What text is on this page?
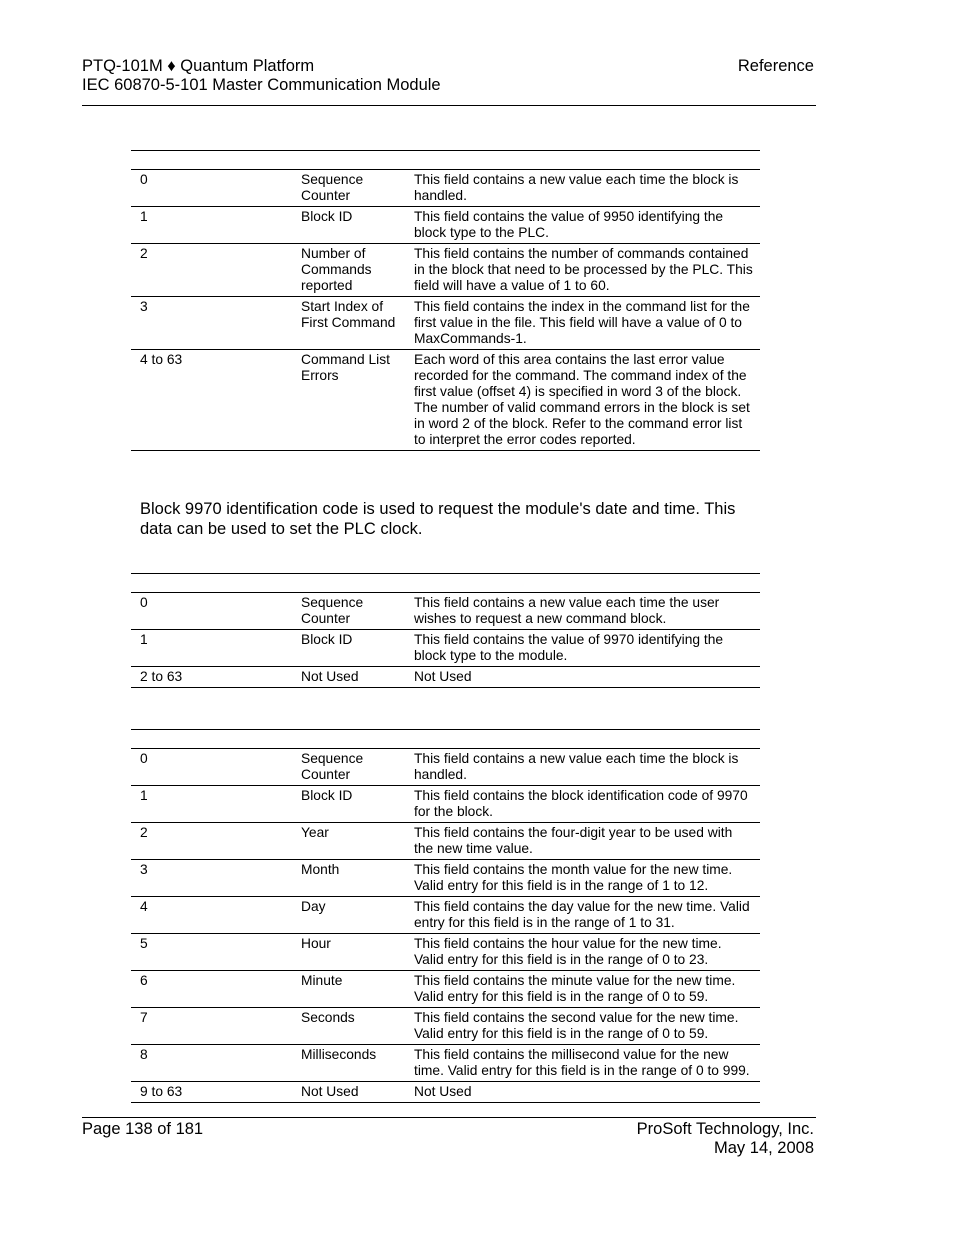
PTQ-101M ♦ Quantum Platform
IEC 60870-5-101 Master Communication Module
Reference

0	Sequence Counter	This field contains a new value each time the block is handled.
1	Block ID	This field contains the value of 9950 identifying the block type to the PLC.
2	Number of Commands reported	This field contains the number of commands contained in the block that need to be processed by the PLC. This field will have a value of 1 to 60.
3	Start Index of First Command	This field contains the index in the command list for the first value in the file. This field will have a value of 0 to MaxCommands-1.
4 to 63	Command List Errors	Each word of this area contains the last error value recorded for the command. The command index of the first value (offset 4) is specified in word 3 of the block. The number of valid command errors in the block is set in word 2 of the block. Refer to the command error list to interpret the error codes reported.
Block 9970 identification code is used to request the module's date and time. This data can be used to set the PLC clock.

0	Sequence Counter	This field contains a new value each time the user wishes to request a new command block.
1	Block ID	This field contains the value of 9970 identifying the block type to the module.
2 to 63	Not Used	Not Used

0	Sequence Counter	This field contains a new value each time the block is handled.
1	Block ID	This field contains the block identification code of 9970 for the block.
2	Year	This field contains the four-digit year to be used with the new time value.
3	Month	This field contains the month value for the new time. Valid entry for this field is in the range of 1 to 12.
4	Day	This field contains the day value for the new time. Valid entry for this field is in the range of 1 to 31.
5	Hour	This field contains the hour value for the new time. Valid entry for this field is in the range of 0 to 23.
6	Minute	This field contains the minute value for the new time. Valid entry for this field is in the range of 0 to 59.
7	Seconds	This field contains the second value for the new time. Valid entry for this field is in the range of 0 to 59.
8	Milliseconds	This field contains the millisecond value for the new time. Valid entry for this field is in the range of 0 to 999.
9 to 63	Not Used	Not Used
Page 138 of 181	ProSoft Technology, Inc.
May 14, 2008
